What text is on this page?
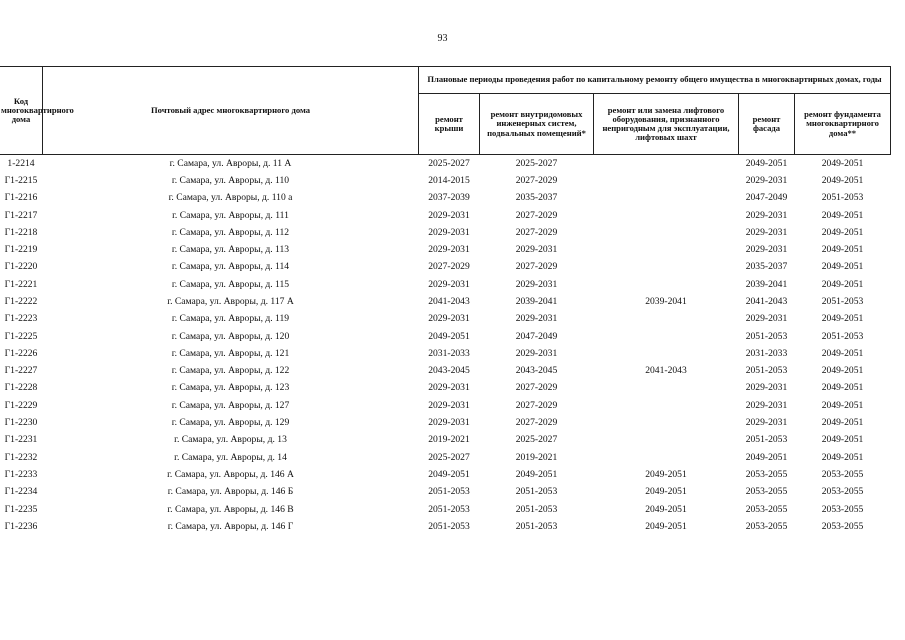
93
Код многоквартирного дома	Почтовый адрес многоквартирного дома	Плановые периоды проведения работ по капитальному ремонту общего имущества в многоквартирных домах, годы				
		ремонт крыши	ремонт внутридомовых инженерных систем, подвальных помещений*	ремонт или замена лифтового оборудования, признанного непригодным для эксплуатации, лифтовых шахт	ремонт фасада	ремонт фундамента многоквартирного дома**
1-2214	г. Самара, ул. Авроры, д. 11 А	2025-2027	2025-2027		2049-2051	2049-2051
Г1-2215	г. Самара, ул. Авроры, д. 110	2014-2015	2027-2029		2029-2031	2049-2051
Г1-2216	г. Самара, ул. Авроры, д. 110 а	2037-2039	2035-2037		2047-2049	2051-2053
Г1-2217	г. Самара, ул. Авроры, д. 111	2029-2031	2027-2029		2029-2031	2049-2051
Г1-2218	г. Самара, ул. Авроры, д. 112	2029-2031	2027-2029		2029-2031	2049-2051
Г1-2219	г. Самара, ул. Авроры, д. 113	2029-2031	2029-2031		2029-2031	2049-2051
Г1-2220	г. Самара, ул. Авроры, д. 114	2027-2029	2027-2029		2035-2037	2049-2051
Г1-2221	г. Самара, ул. Авроры, д. 115	2029-2031	2029-2031		2039-2041	2049-2051
Г1-2222	г. Самара, ул. Авроры, д. 117 А	2041-2043	2039-2041	2039-2041	2041-2043	2051-2053
Г1-2223	г. Самара, ул. Авроры, д. 119	2029-2031	2029-2031		2029-2031	2049-2051
Г1-2225	г. Самара, ул. Авроры, д. 120	2049-2051	2047-2049		2051-2053	2051-2053
Г1-2226	г. Самара, ул. Авроры, д. 121	2031-2033	2029-2031		2031-2033	2049-2051
Г1-2227	г. Самара, ул. Авроры, д. 122	2043-2045	2043-2045	2041-2043	2051-2053	2049-2051
Г1-2228	г. Самара, ул. Авроры, д. 123	2029-2031	2027-2029		2029-2031	2049-2051
Г1-2229	г. Самара, ул. Авроры, д. 127	2029-2031	2027-2029		2029-2031	2049-2051
Г1-2230	г. Самара, ул. Авроры, д. 129	2029-2031	2027-2029		2029-2031	2049-2051
Г1-2231	г. Самара, ул. Авроры, д. 13	2019-2021	2025-2027		2051-2053	2049-2051
Г1-2232	г. Самара, ул. Авроры, д. 14	2025-2027	2019-2021		2049-2051	2049-2051
Г1-2233	г. Самара, ул. Авроры, д. 146 А	2049-2051	2049-2051	2049-2051	2053-2055	2053-2055
Г1-2234	г. Самара, ул. Авроры, д. 146 Б	2051-2053	2051-2053	2049-2051	2053-2055	2053-2055
Г1-2235	г. Самара, ул. Авроры, д. 146 В	2051-2053	2051-2053	2049-2051	2053-2055	2053-2055
Г1-2236	г. Самара, ул. Авроры, д. 146 Г	2051-2053	2051-2053	2049-2051	2053-2055	2053-2055
